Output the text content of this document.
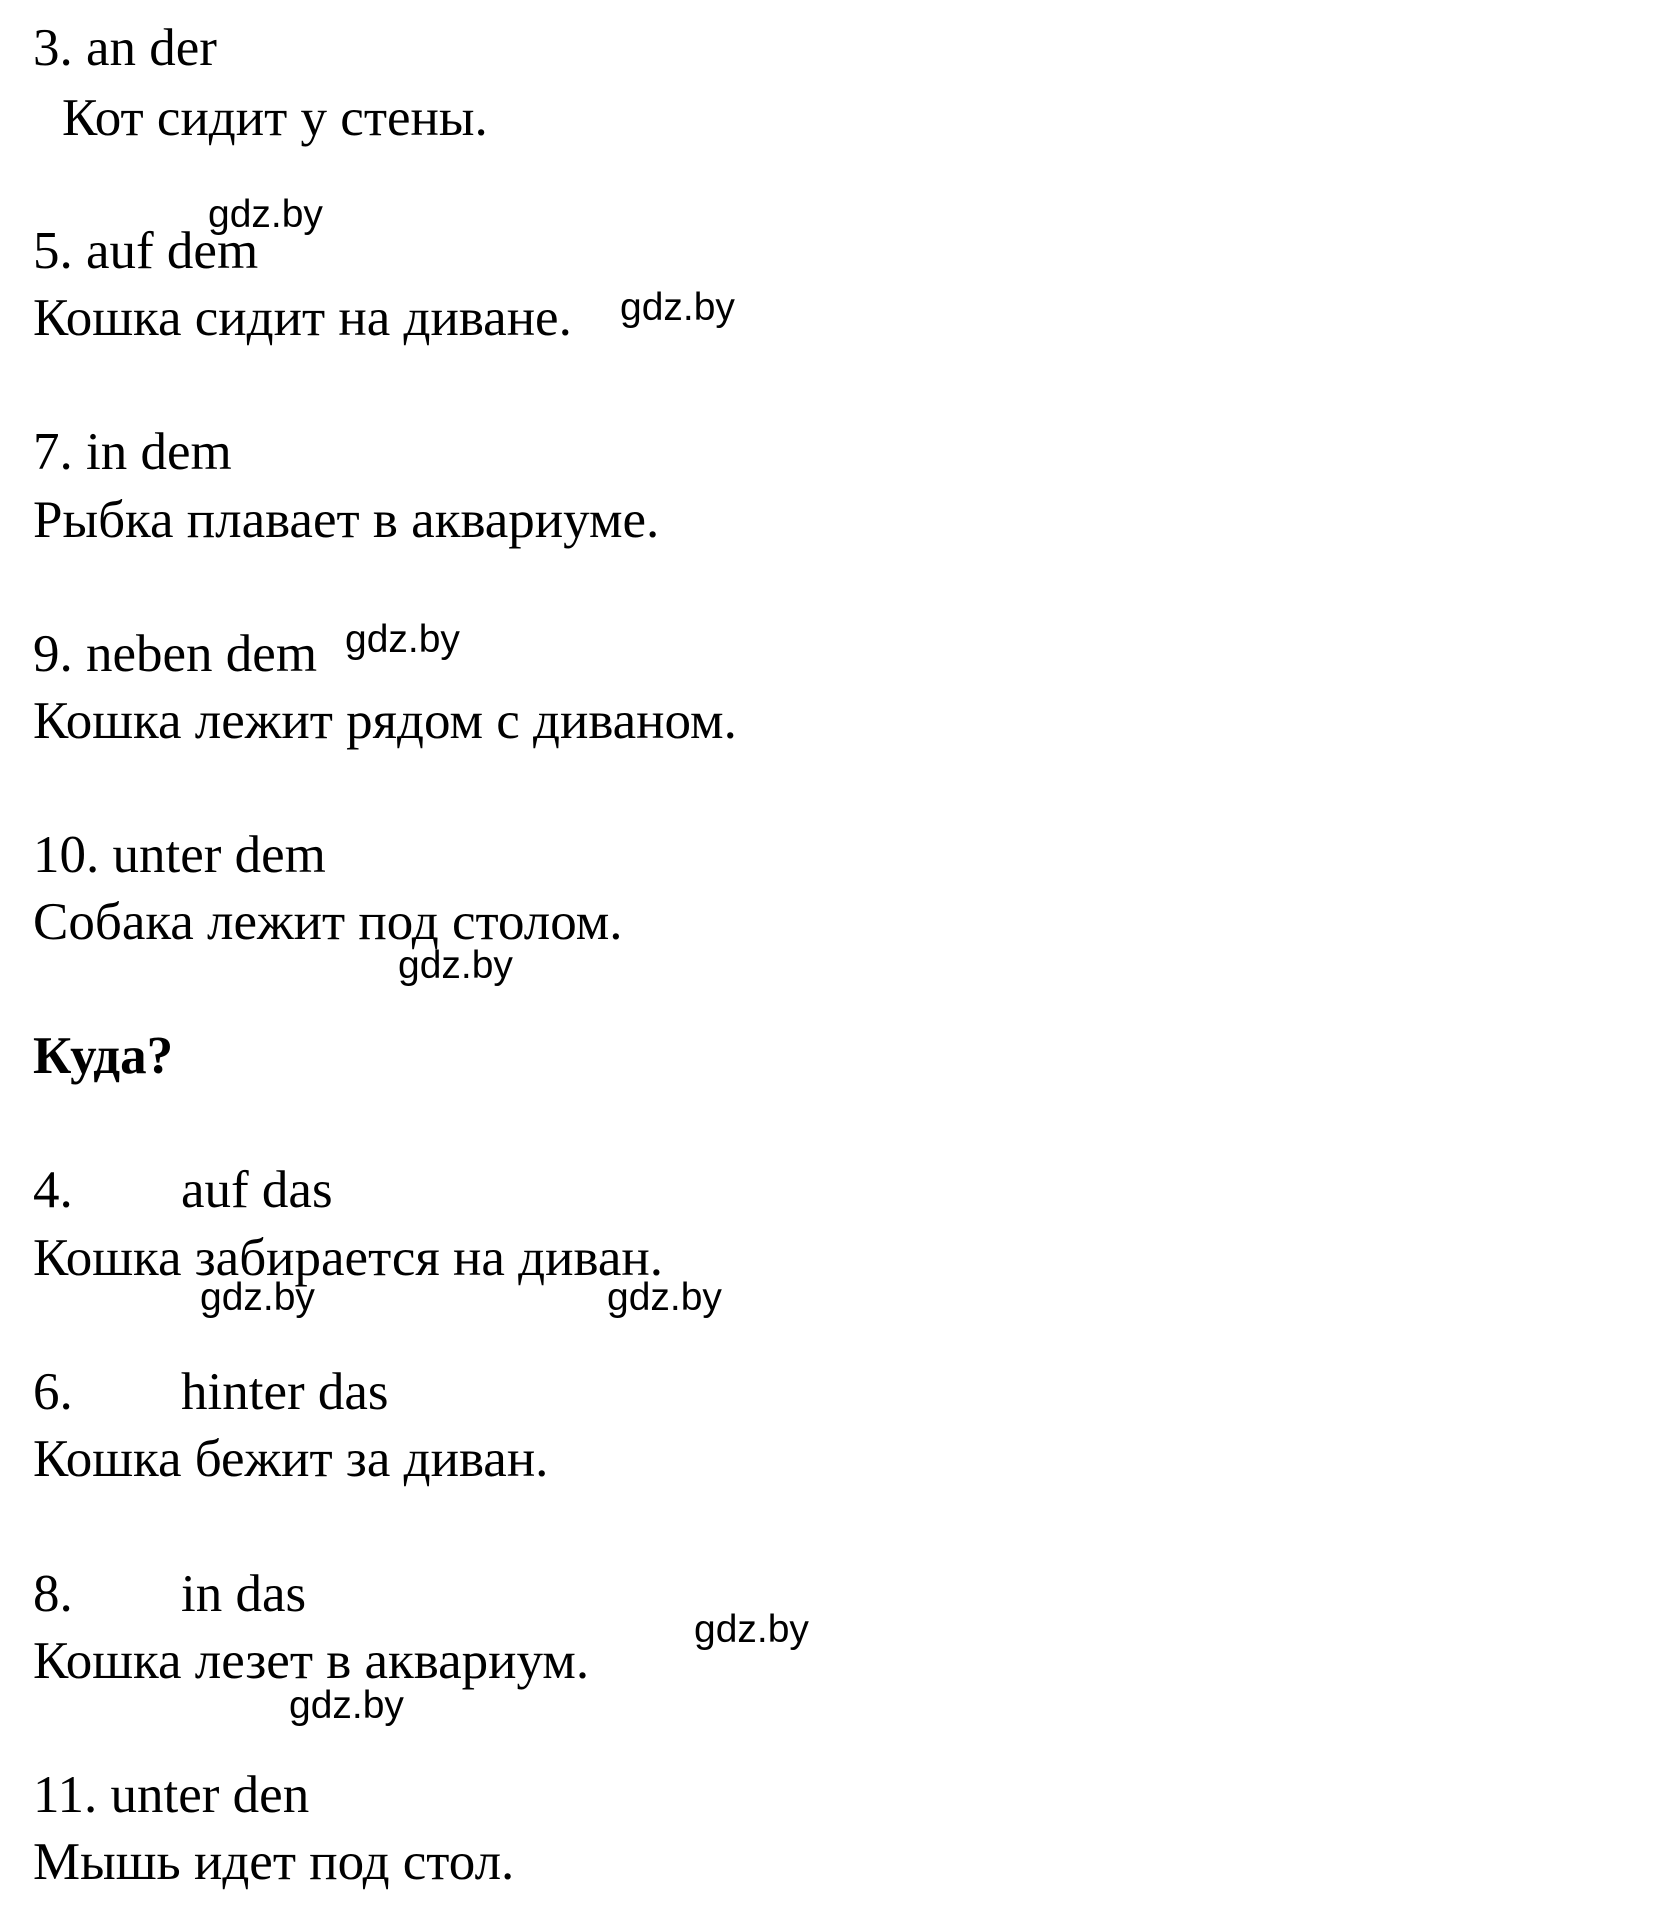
3. an der
Кот сидит у стены.
5. auf dem
Кошка сидит на диване.
7. in dem
Рыбка плавает в аквариуме.
9. neben dem
Кошка лежит рядом с диваном.
10. unter dem
Собака лежит под столом.
Куда?
4. auf das
Кошка забирается на диван.
6. hinter das
Кошка бежит за диван.
8. in das
Кошка лезет в аквариум.
11. unter den
Мышь идет под стол.
gdz.by
gdz.by
gdz.by
gdz.by
gdz.by	gdz.by
gdz.by
gdz.by
